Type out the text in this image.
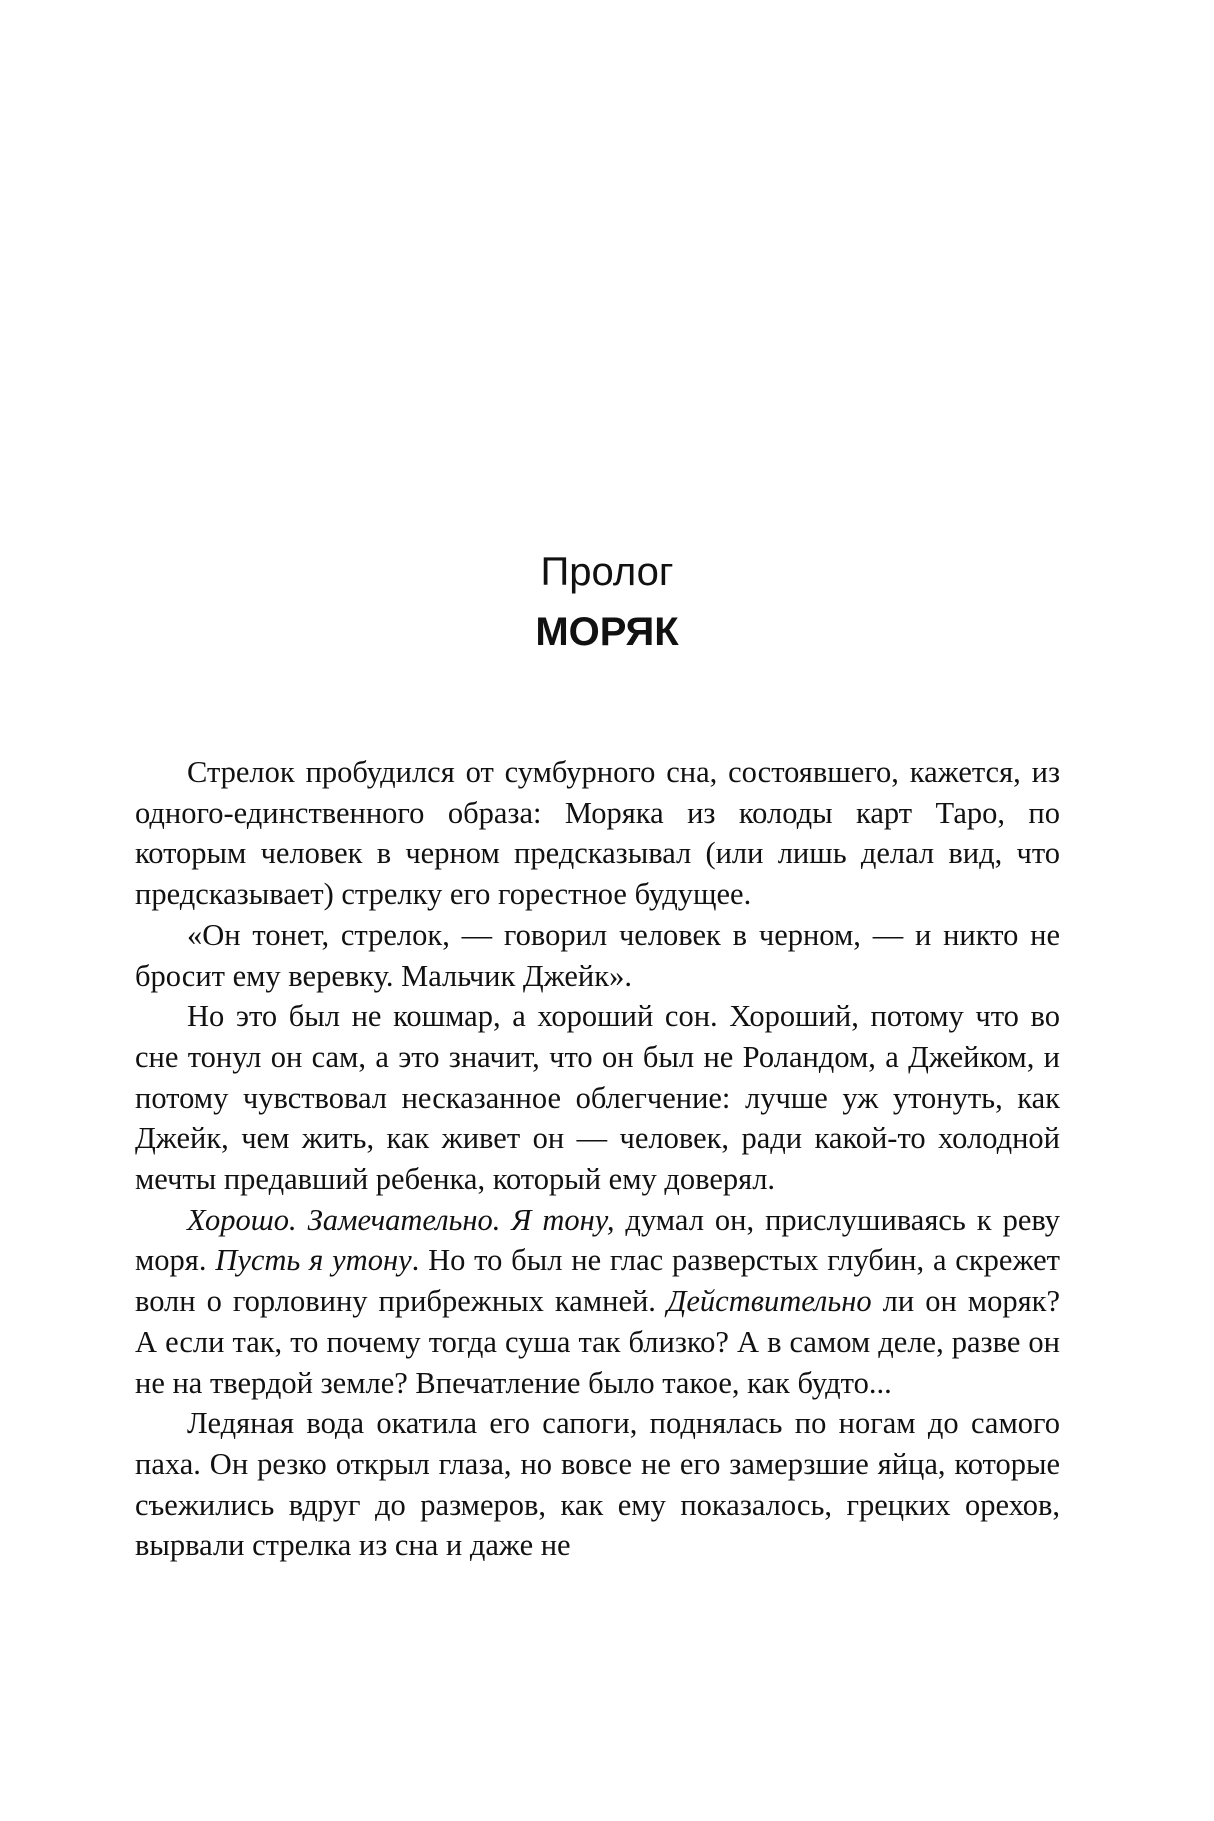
Пролог
МОРЯК

Стрелок пробудился от сумбурного сна, состоявшего, кажется, из одного-единственного образа: Моряка из колоды карт Таро, по которым человек в черном предсказывал (или лишь делал вид, что предсказывает) стрелку его горестное будущее.

«Он тонет, стрелок, — говорил человек в черном, — и никто не бросит ему веревку. Мальчик Джейк».

Но это был не кошмар, а хороший сон. Хороший, потому что во сне тонул он сам, а это значит, что он был не Роландом, а Джейком, и потому чувствовал несказанное облегчение: лучше уж утонуть, как Джейк, чем жить, как живет он — человек, ради какой-то холодной мечты предавший ребенка, который ему доверял.

Хорошо. Замечательно. Я тону, думал он, прислушиваясь к реву моря. Пусть я утону. Но то был не глас разверстых глубин, а скрежет волн о горловину прибрежных камней. Действительно ли он моряк? А если так, то почему тогда суша так близко? А в самом деле, разве он не на твердой земле? Впечатление было такое, как будто...

Ледяная вода окатила его сапоги, поднялась по ногам до самого паха. Он резко открыл глаза, но вовсе не его замерзшие яйца, которые съежились вдруг до размеров, как ему показалось, грецких орехов, вырвали стрелка из сна и даже не
